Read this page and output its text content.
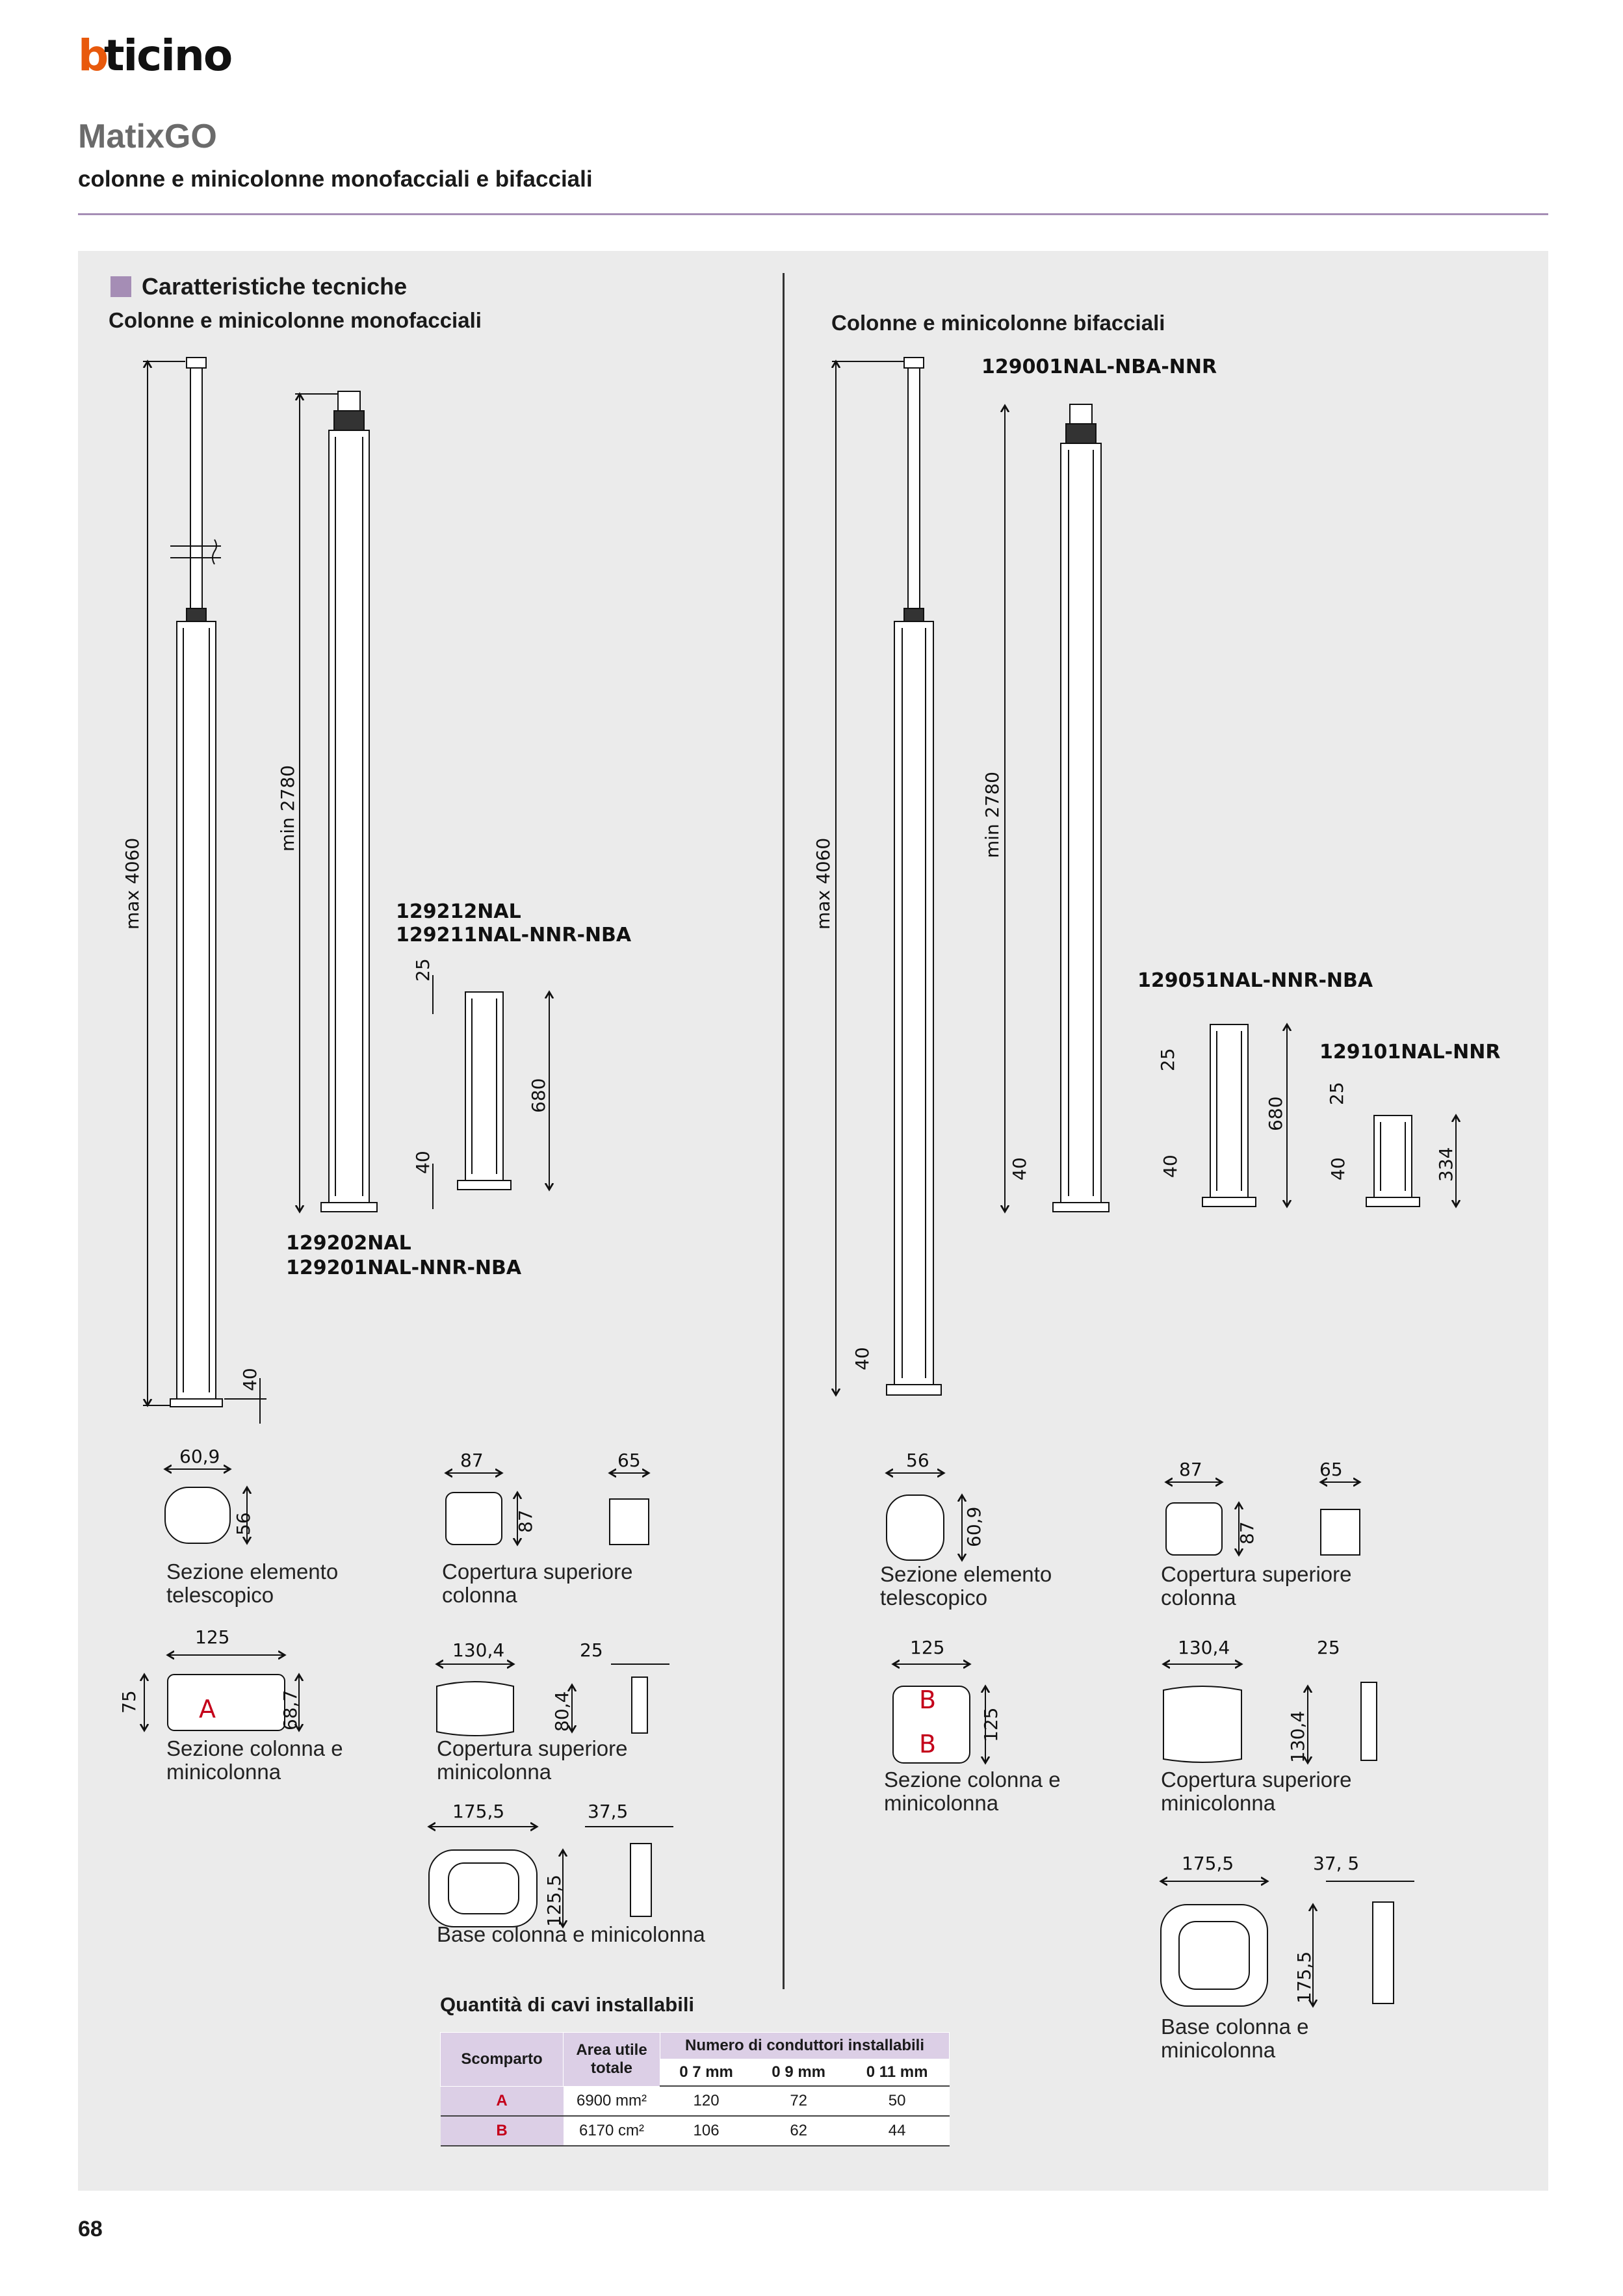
b
ticino
MatixGO
colonne e minicolonne monofacciali e bifacciali
Caratteristiche tecniche
Colonne e minicolonne monofacciali	Colonne e minicolonne bifacciali
129212NAL
129211NAL-NNR-NBA
129202NAL
129201NAL-NNR-NBA
129001NAL-NBA-NNR
129051NAL-NNR-NBA
129101NAL-NNR
max 4060
min 2780
40
25
680
40
max 4060
min 2780
40
40
25
40
680
25
40	334
60,9
56
87
87
65
125
75	68,7
A
130,4	25
80,4
175,5	37,5
125,5
56
60,9
87
87
65
125
125
B
B
130,4	25
130,4
175,5	37, 5
175,5
Sezione elemento
telescopico
Copertura superiore
colonna
Sezione colonna e
minicolonna
Copertura superiore
minicolonna
Base colonna e minicolonna
Sezione elemento
telescopico
Copertura superiore
colonna
Sezione colonna e
minicolonna
Copertura superiore
minicolonna
Base colonna e
minicolonna
Quantità di cavi installabili
Scomparto	Area utile totale	Numero di conduttori installabili		
		0 7 mm	0 9 mm	0 11 mm
A	6900 mm²	120	72	50
B	6170 cm²	106	62	44
68
